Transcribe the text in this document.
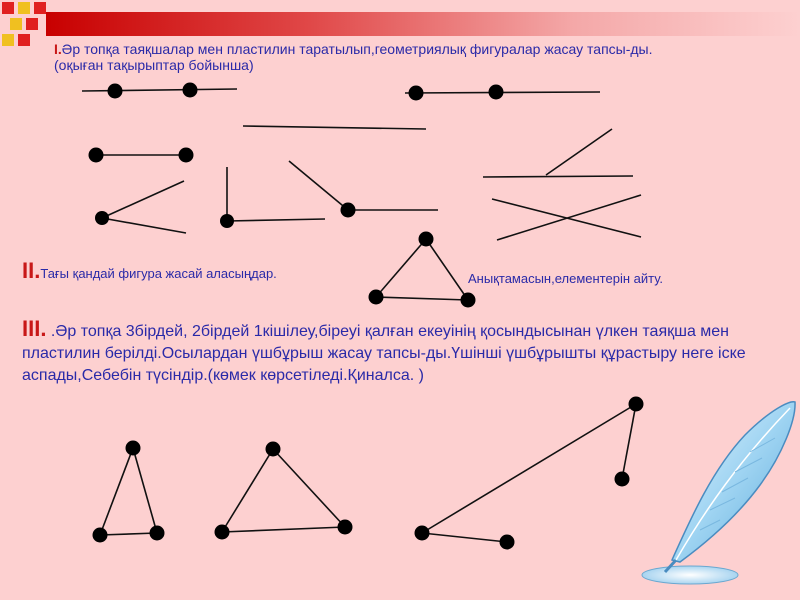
I.Әр топқа таяқшалар мен пластилин таратылып,геометриялық фигуралар жасау тапсы-ды.
(оқыған тақырыптар бойынша)
II.Тағы қандай фигура жасай аласыңдар.	Анықтамасын,елементерін айту.
III. .Әр топқа 3бірдей, 2бірдей 1кішілеу,біреуі қалған екеуінің қосындысынан үлкен таяқша мен пластилин берілді.Осылардан үшбұрыш жасау тапсы-ды.Үшінші үшбұрышты құрастыру неге іске аспады,Себебін түсіндір.(көмек көрсетіледі.Қиналса. )
